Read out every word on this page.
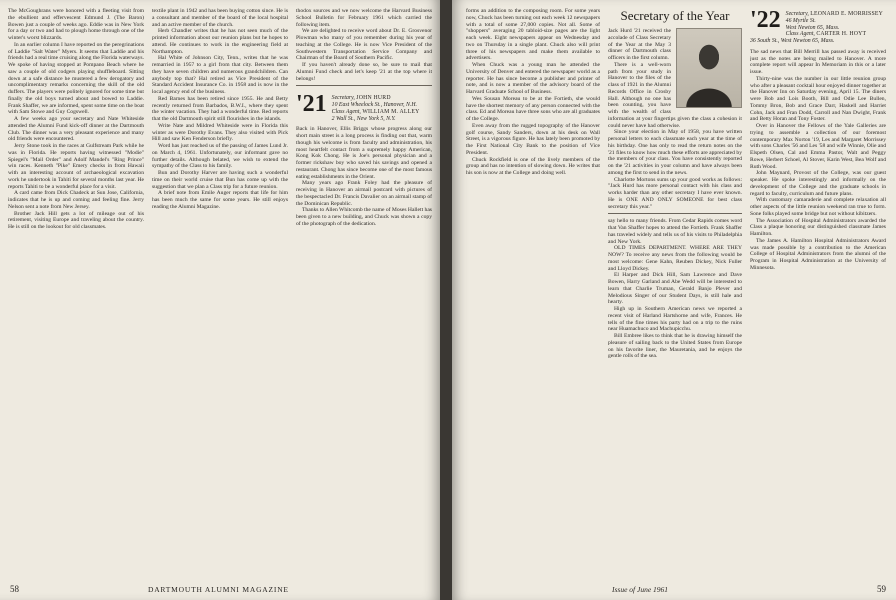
The McGoughrans were honored with a fleeting visit from the ebullient and effervescent Edmund J. (The Baron) Bowen just a couple of weeks ago. Eddie was in New York for a day or two and had to plough home through one of the winter's worst blizzards.

In an earlier column I have reported on the peregrinations of Laddie "Salt Water" Myers. It seems that Laddie and his friends had a real time cruising along the Florida waterways. We spoke of having stopped at Pompano Beach where he saw a couple of old codgers playing shuffleboard. Sitting down at a safe distance he mustered a few derogatory and uncomplimentary remarks concerning the skill of the old duffers. The players were politely ignored for some time but finally the old boys turned about and bowed to Laddie. Frank Shaffer, we are informed, spent some time on the boat with Sam Stowe and Guy Cogswell.

A few weeks ago your secretary and Nate Whiteside attended the Alumni Fund kick-off dinner at the Dartmouth Club. The dinner was a very pleasant experience and many old friends were encountered.

Jerry Stone took in the races at Gulfstream Park while he was in Florida. He reports having witnessed "Modie" Spiegel's "Mail Order" and Adolf Mandel's "Ring Prince" win races. Kenneth "Pike" Emery checks in from Hawaii with an interesting account of archaeological excavation work he undertook in Tahiti for several months last year. He reports Tahiti to be a wonderful place for a visit.

A card came from Dick Chadeck at Sun Jose, California, indicates that he is up and coming and feeling fine. Jerry Nelson sent a note from New Jersey.

Brother Jack Hill gets a lot of mileage out of his retirement, visiting Europe and traveling about the country. He is still on the lookout for old classmates.

textile plant in 1942 and has been buying cotton since. He is a consultant and member of the board of the local hospital and an active member of the church.

Herb Chandler writes that he has not seen much of the printed information about our reunion plans but he hopes to attend. He continues to work in the engineering field at Northampton.

Hal White of Johnson City, Tenn., writes that he was remarried in 1957 to a girl from that city. Between them they have seven children and numerous grandchildren. Can anybody top that? Hal retired as Vice President of the Standard Accident Insurance Co. in 1958 and is now in the local agency end of the business.

Red Barnes has been retired since 1955. He and Betty recently returned from Barbados, B.W.I., where they spent the winter vacation. They had a wonderful time. Red reports that the old Dartmouth spirit still flourishes in the islands.

Write Nate and Mildred Whiteside were in Florida this winter as were Dorothy Evans. They also visited with Pick Hill and saw Ken Fenderson briefly.

Word has just reached us of the passing of James Lund Jr. on March 4, 1961. Unfortunately, our informant gave no further details. Although belated, we wish to extend the sympathy of the Class to his family.

Bun and Dorothy Harver are having such a wonderful time on their world cruise that Bun has come up with the suggestion that we plan a Class trip for a future reunion.

A brief note from Emile Auger reports that life for him has been much the same for some years. He still enjoys reading the Alumni Magazine.

thodox sources and we now welcome the Harvard Business School Bulletin for February 1961 which carried the following item.

We are delighted to receive word about Dr. E. Grosvenor Plowman who many of you remember during his year of teaching at the College. He is now Vice President of the Southwestern Transportation Service Company and Chairman of the Board of Southern Pacific.

If you haven't already done so, be sure to mail that Alumni Fund check and let's keep '21 at the top where it belongs!

'21 Secretary, JOHN HURD
10 East Wheelock St., Hanover, N.H.
Class Agent, WILLIAM M. ALLEY
2 Wall St., New York 5, N.Y.

Back in Hanover, Ellis Briggs whose progress along our short main street is a long process is finding out that, warm though his welcome is from faculty and administration, his most heartfelt contact from a supremely happy American, Kong Kok Chong. He is Joe's personal physician and a former rickshaw boy who saved his savings and opened a restaurant. Chong has since become one of the most famous eating establishments in the Orient.

Many years ago Frank Foley had the pleasure of receiving in Hanover an airmail postcard with pictures of the bespectacled Dr. Francis Davalier on an airmail stamp of the Dominican Republic.

Thanks to Allen Whitcomb the name of Moses Hallett has been given to a new building, and Chuck was shown a copy of the photograph of the dedication.

58	DARTMOUTH ALUMNI MAGAZINE

forms an addition to the composing room. For some years now, Chuck has been turning out each week 12 newspapers with a total of some 27,000 copies. Not all. Some of "shoppers" averaging 20 tabloid-size pages are the light each week. Eight newspapers appear on Wednesday and two on Thursday in a single plant. Chuck also will print three of his newspapers and make them available to advertisers.

When Chuck was a young man he attended the University of Denver and entered the newspaper world as a reporter. He has since become a publisher and printer of note, and is now a member of the advisory board of the Harvard Graduate School of Business.

Wes Sousan Moreau to be at the Fortieth, she would have the shortest memory of any person connected with the class. Ed and Moreau have three sons who are all graduates of the College.

Even away from the rugged topography of the Hanover golf course, Sandy Sanders, down at his desk on Wall Street, is a vigorous figure. He has lately been promoted by the First National City Bank to the position of Vice President.

Chuck Rockfield is one of the lively members of the group and has no intention of slowing down. He writes that his son is now at the College and doing well.

Secretary of the Year

Jack Hurd '21 received the accolade of Class Secretary of the Year at the May 3 dinner of Dartmouth class officers in the first column.

There is a well-worn path from your study in Hanover to the files of the class of 1921 in the Alumni Records Office in Crosby Hall. Although no one has been counting, you have with the wealth of class information at your fingertips given the class a cohesion it could never have had otherwise.

Since your election in May of 1958, you have written personal letters to each classmate each year at the time of his birthday. One has only to read the return notes on the '21 files to know how much these efforts are appreciated by the members of your class. You have consistently reported on the '21 activities in your column and have always been among the first to send in the news.

Charlotte Mortons sums up your good works as follows: "Jack Hurd has more personal contact with his class and works harder than any other secretary I have ever known. He is ONE AND ONLY SOMEONE for best class secretary this year."

say hello to many friends. From Cedar Rapids comes word that Van Shaffer hopes to attend the Fortieth. Frank Shaffer has traveled widely and tells us of his visits to Philadelphia and New York.

OLD TIMES DEPARTMENT. WHERE ARE THEY NOW? To receive any news from the following would be most welcome: Gene Kahn, Reuben Dickey, Nick Fuller and Lloyd Dickey.

El Harper and Dick Hill, Sam Lawrence and Dave Bowen, Harry Garland and Abe Wedd will be interested to learn that Charlie Truman, Gerald Banjo Plever and Melodious Singer of our Student Days, is still hale and hearty.

High up in Southern American news we reported a recent visit of Harland Hartshorne and wife, Frances. He tells of the fine times his party had on a trip to the ruins near Huamachuco and Machupicchu.

Bill Embree likes to think that he is drawing himself the pleasure of sailing back to the United States from Europe on his favorite liner, the Mauretania, and he enjoys the gentle rolls of the sea.

'22 Secretary, LEONARD E. MORRISSEY
46 Myrtle St.
West Newton 65, Mass.
Class Agent, CARTER H. HOYT
36 South St., West Newton 65, Mass.

The sad news that Bill Merrill has passed away is received just as the notes are being mailed to Hanover. A more complete report will appear In Memoriam in this or a later issue.

Thirty-nine was the number in our little reunion group who after a pleasant cocktail hour enjoyed dinner together at the Hanover Inn on Saturday evening, April 15. The diners were Bob and Lois Booth, Bill and Odie Lee Bullen, Tommy Bron, Bob and Grace Darr, Haskell and Harriet Cohn, Jack and Fran Dodd, Carroll and Nan Dwight, Frank and Betty Horan and Tony Foster.

Over in Hanover the Fellows of the Yale Galleries are trying to assemble a collection of our foremost contemporary Max Norton '19, Les and Margaret Morrissey with sons Charles '56 and Les '58 and wife Winnie, Olie and Elspeth Olsen, Cal and Emma Pastor, Walt and Peggy Rowe, Herbert Schoel, Al Stover, Karin West, Bea Wolf and Ruth Wood.

John Maynard, Provost of the College, was our guest speaker. He spoke interestingly and informally on the development of the College and the graduate schools in regard to faculty, curriculum and future plans.

With customary camaraderie and complete relaxation all other aspects of the little reunion weekend ran true to form. Sone folks played some bridge but not without kibitzers.

The Association of Hospital Administrators awarded the Class a plaque honoring our distinguished classmate James Hamilton.

The James A. Hamilton Hospital Administrators Award was made possible by a contribution to the American College of Hospital Administrators from the alumni of the Program in Hospital Administration at the University of Minnesota.

Issue of June 1961	59
